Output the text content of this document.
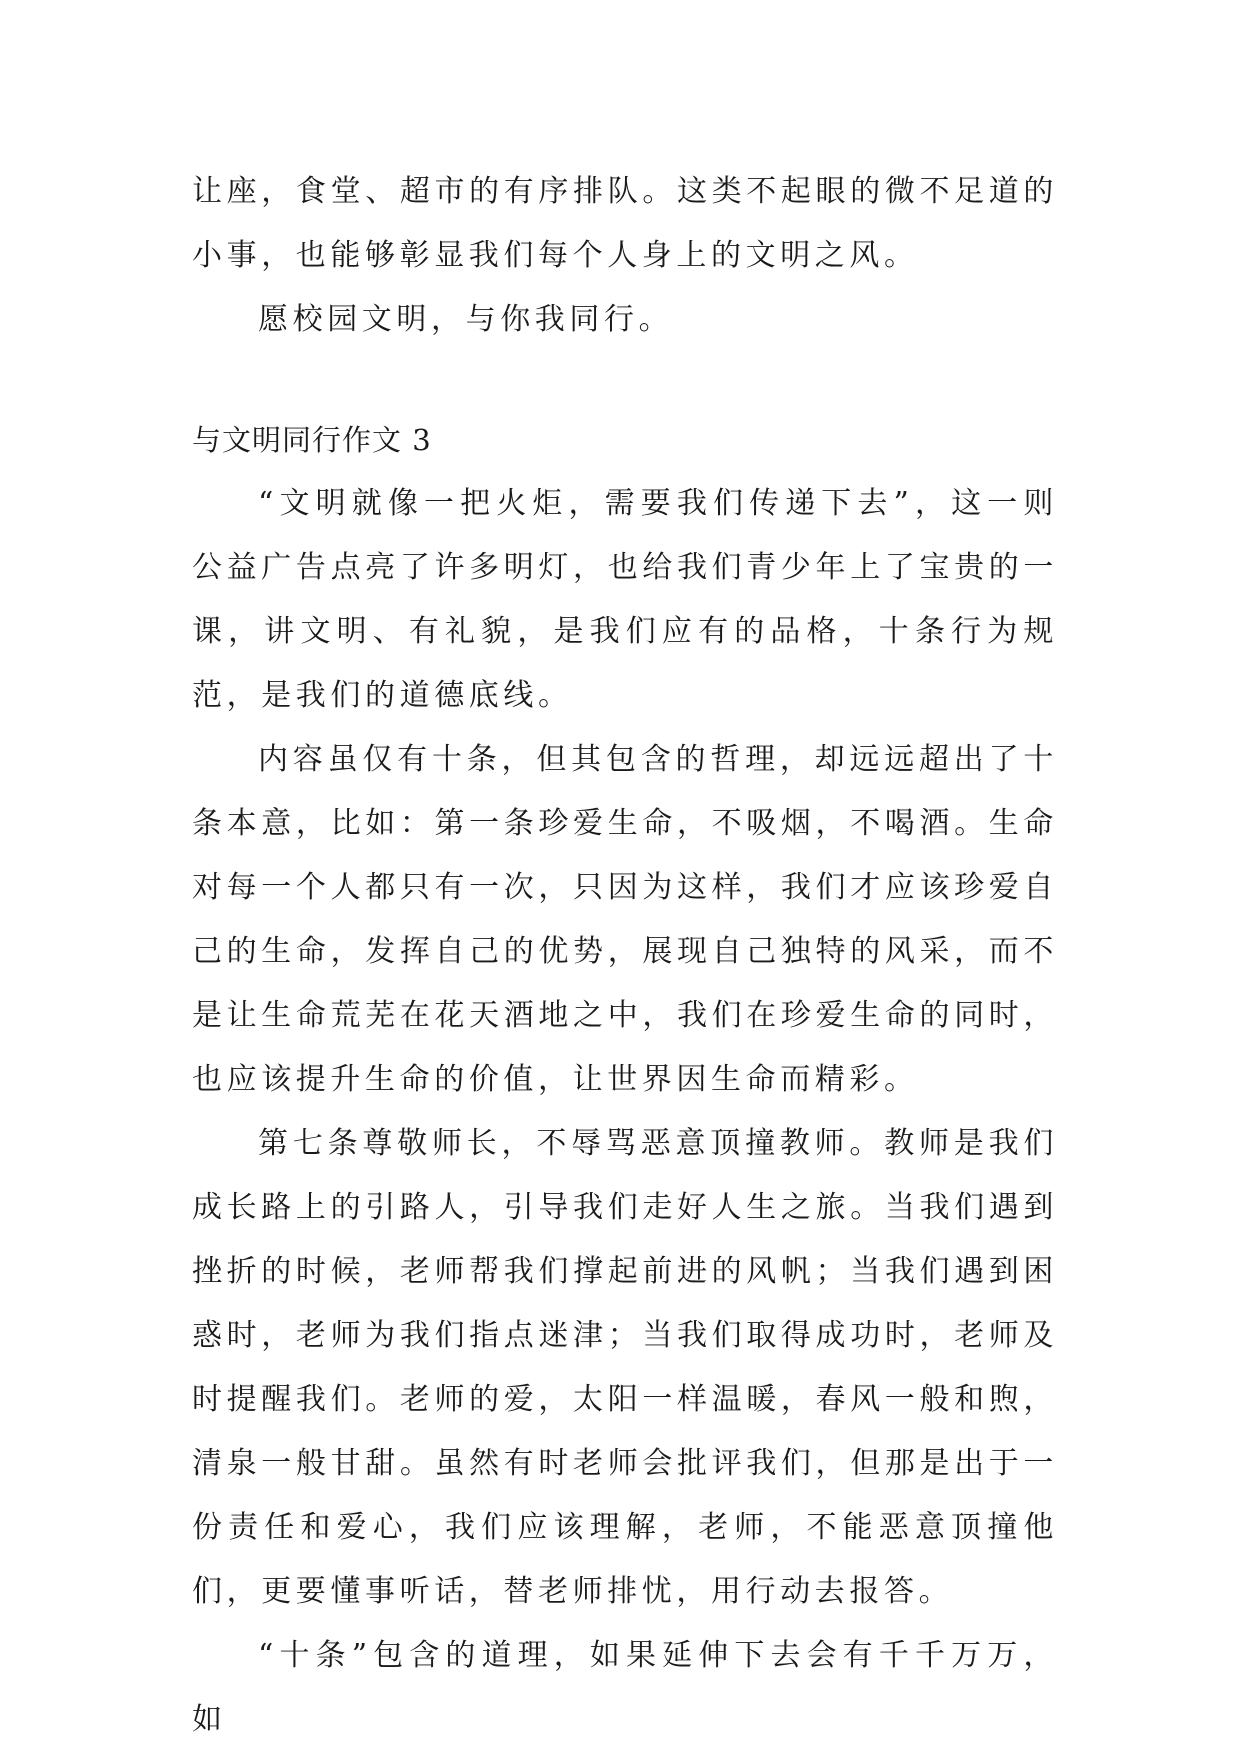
让座，食堂、超市的有序排队。这类不起眼的微不足道的小事，也能够彰显我们每个人身上的文明之风。

愿校园文明，与你我同行。

与文明同行作文 3

“文明就像一把火炬，需要我们传递下去”，这一则公益广告点亮了许多明灯，也给我们青少年上了宝贵的一课，讲文明、有礼貌，是我们应有的品格，十条行为规范，是我们的道德底线。

内容虽仅有十条，但其包含的哲理，却远远超出了十条本意，比如：第一条珍爱生命，不吸烟，不喝酒。生命对每一个人都只有一次，只因为这样，我们才应该珍爱自己的生命，发挥自己的优势，展现自己独特的风采，而不是让生命荒芜在花天酒地之中，我们在珍爱生命的同时，也应该提升生命的价值，让世界因生命而精彩。

第七条尊敬师长，不辱骂恶意顶撞教师。教师是我们成长路上的引路人，引导我们走好人生之旅。当我们遇到挫折的时候，老师帮我们撑起前进的风帆；当我们遇到困惑时，老师为我们指点迷津；当我们取得成功时，老师及时提醒我们。老师的爱，太阳一样温暖，春风一般和煦，清泉一般甘甜。虽然有时老师会批评我们，但那是出于一份责任和爱心，我们应该理解，老师，不能恶意顶撞他们，更要懂事听话，替老师排忧，用行动去报答。

“十条”包含的道理，如果延伸下去会有千千万万，如
